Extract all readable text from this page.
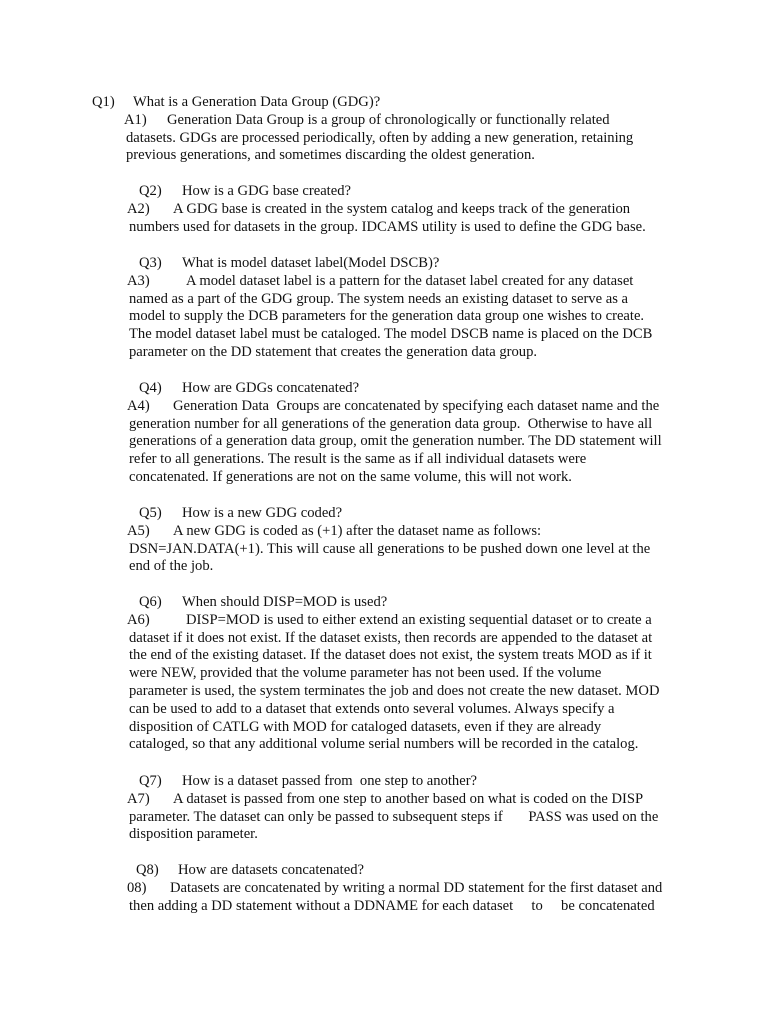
Q1) What is a Generation Data Group (GDG)?
A1) Generation Data Group is a group of chronologically or functionally related
datasets. GDGs are processed periodically, often by adding a new generation, retaining
previous generations, and sometimes discarding the oldest generation.
Q2) How is a GDG base created?
A2) A GDG base is created in the system catalog and keeps track of the generation
numbers used for datasets in the group. IDCAMS utility is used to define the GDG base.
Q3) What is model dataset label(Model DSCB)?
A3) A model dataset label is a pattern for the dataset label created for any dataset
named as a part of the GDG group. The system needs an existing dataset to serve as a
model to supply the DCB parameters for the generation data group one wishes to create.
The model dataset label must be cataloged. The model DSCB name is placed on the DCB
parameter on the DD statement that creates the generation data group.
Q4) How are GDGs concatenated?
A4) Generation Data  Groups are concatenated by specifying each dataset name and the
generation number for all generations of the generation data group.  Otherwise to have all
generations of a generation data group, omit the generation number. The DD statement will
refer to all generations. The result is the same as if all individual datasets were
concatenated. If generations are not on the same volume, this will not work.
Q5) How is a new GDG coded?
A5) A new GDG is coded as (+1) after the dataset name as follows:
DSN=JAN.DATA(+1). This will cause all generations to be pushed down one level at the
end of the job.
Q6) When should DISP=MOD is used?
A6) DISP=MOD is used to either extend an existing sequential dataset or to create a
dataset if it does not exist. If the dataset exists, then records are appended to the dataset at
the end of the existing dataset. If the dataset does not exist, the system treats MOD as if it
were NEW, provided that the volume parameter has not been used. If the volume
parameter is used, the system terminates the job and does not create the new dataset. MOD
can be used to add to a dataset that extends onto several volumes. Always specify a
disposition of CATLG with MOD for cataloged datasets, even if they are already
cataloged, so that any additional volume serial numbers will be recorded in the catalog.
Q7) How is a dataset passed from  one step to another?
A7) A dataset is passed from one step to another based on what is coded on the DISP
parameter. The dataset can only be passed to subsequent steps if       PASS was used on the
disposition parameter.
Q8) How are datasets concatenated?
08) Datasets are concatenated by writing a normal DD statement for the first dataset and
then adding a DD statement without a DDNAME for each dataset     to     be concatenated
